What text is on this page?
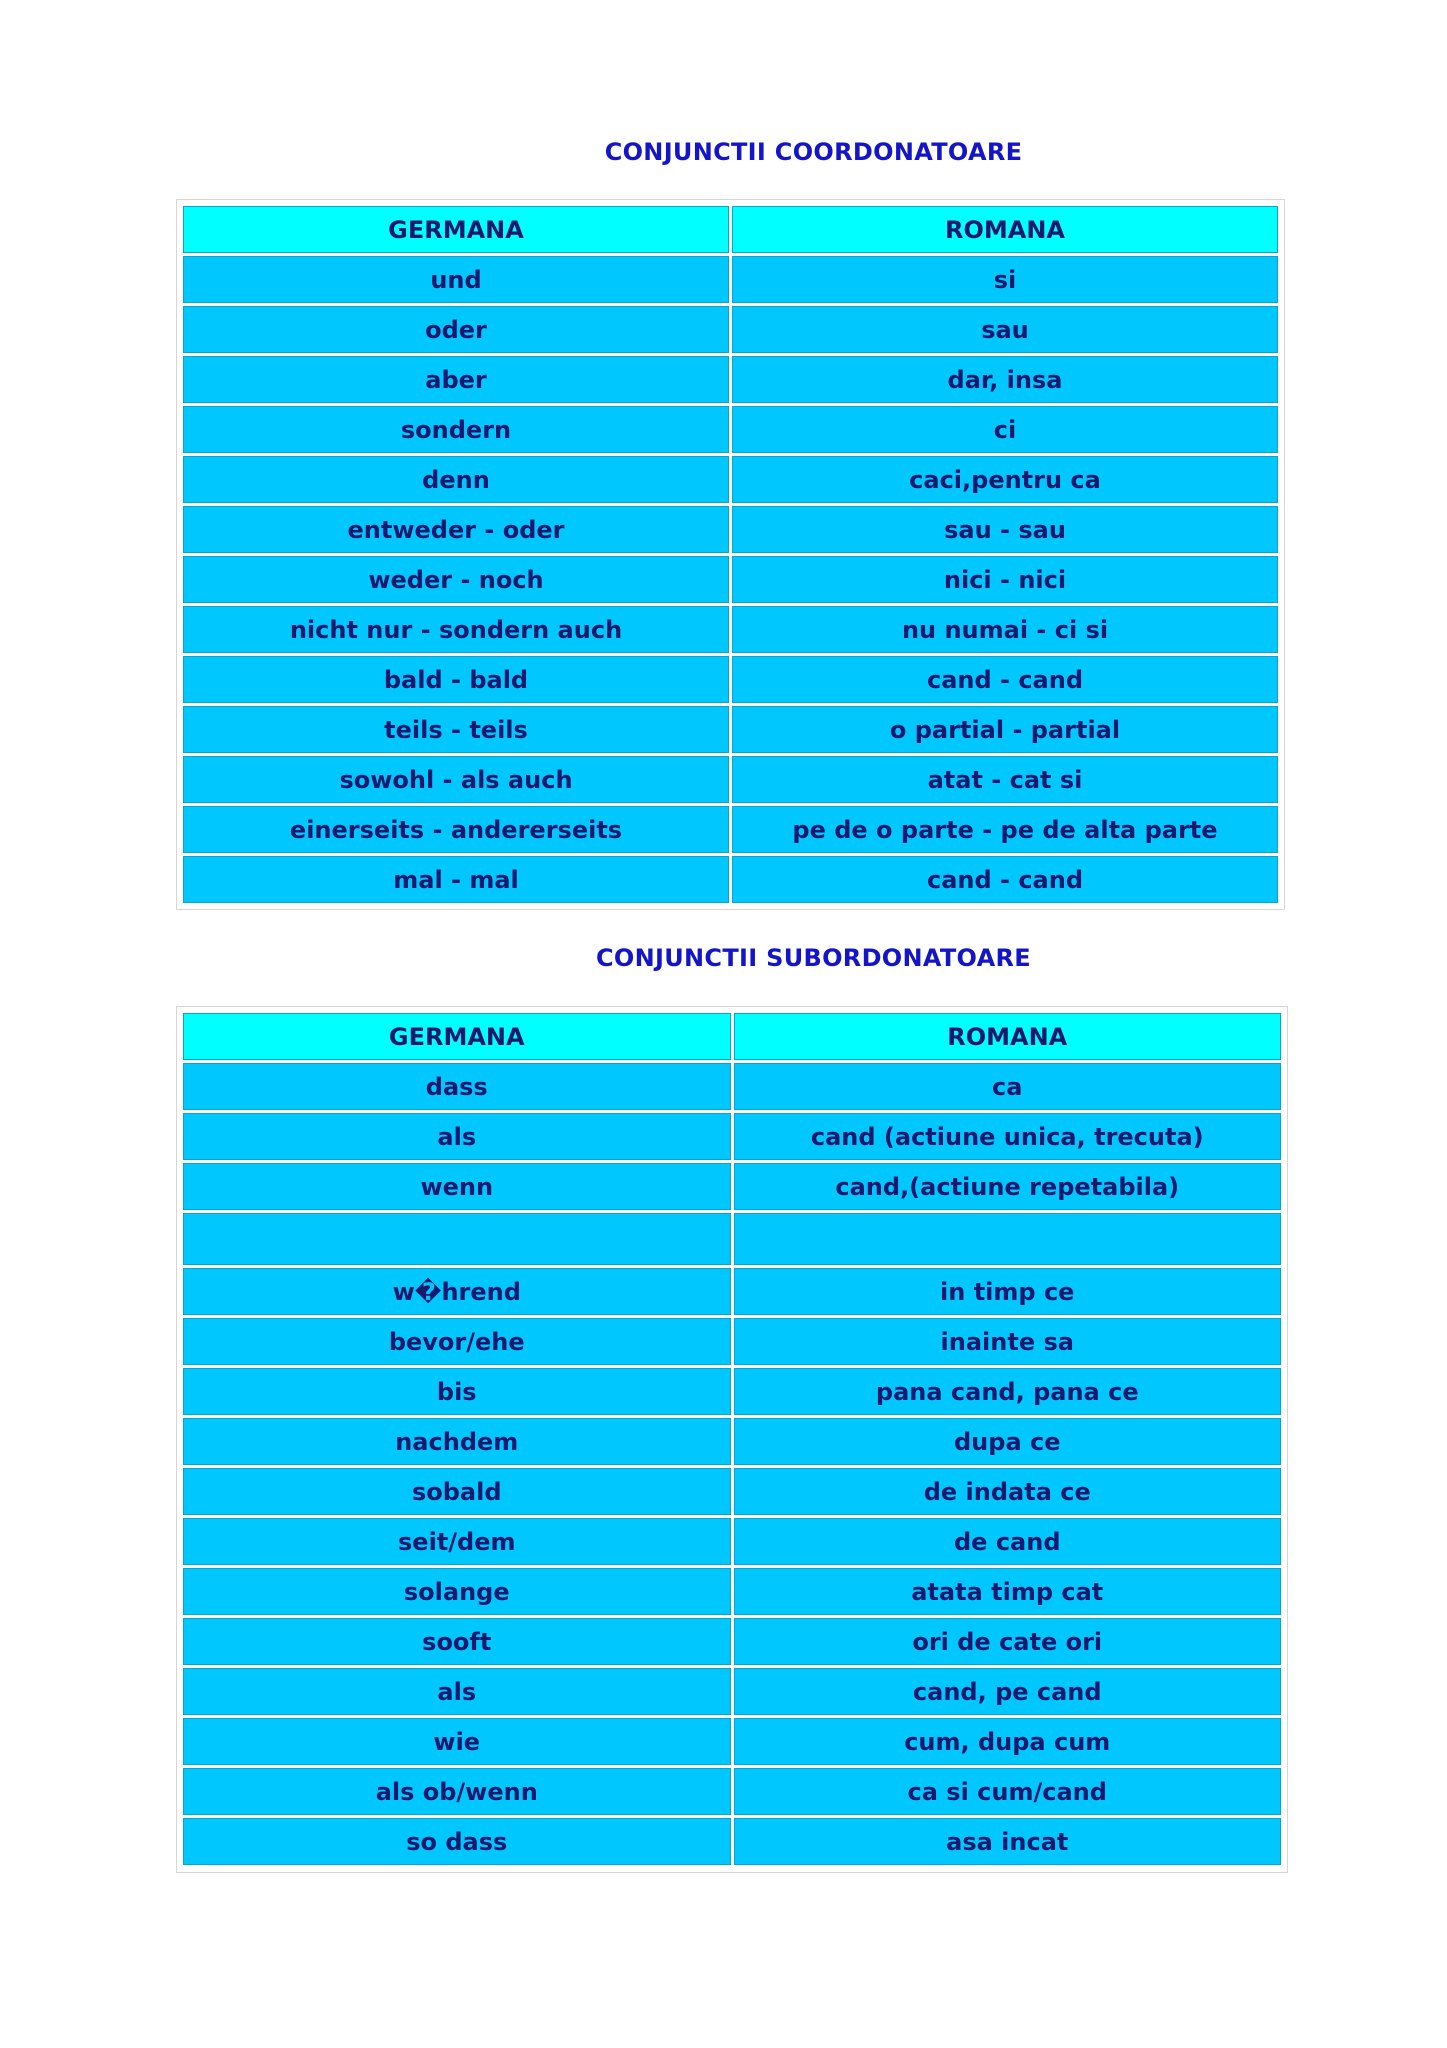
CONJUNCTII COORDONATOARE
GERMANA	ROMANA
und	si
oder	sau
aber	dar, insa
sondern	ci
denn	caci,pentru ca
entweder - oder	sau - sau
weder - noch	nici - nici
nicht nur - sondern auch	nu numai - ci si
bald - bald	cand - cand
teils - teils	o partial - partial
sowohl - als auch	atat - cat si
einerseits - andererseits	pe de o parte - pe de alta parte
mal - mal	cand - cand
CONJUNCTII SUBORDONATOARE
GERMANA	ROMANA
dass	ca
als	cand (actiune unica, trecuta)
wenn	cand,(actiune repetabila)

w�hrend	in timp ce
bevor/ehe	inainte sa
bis	pana cand, pana ce
nachdem	dupa ce
sobald	de indata ce
seit/dem	de cand
solange	atata timp cat
sooft	ori de cate ori
als	cand, pe cand
wie	cum, dupa cum
als ob/wenn	ca si cum/cand
so dass	asa incat
